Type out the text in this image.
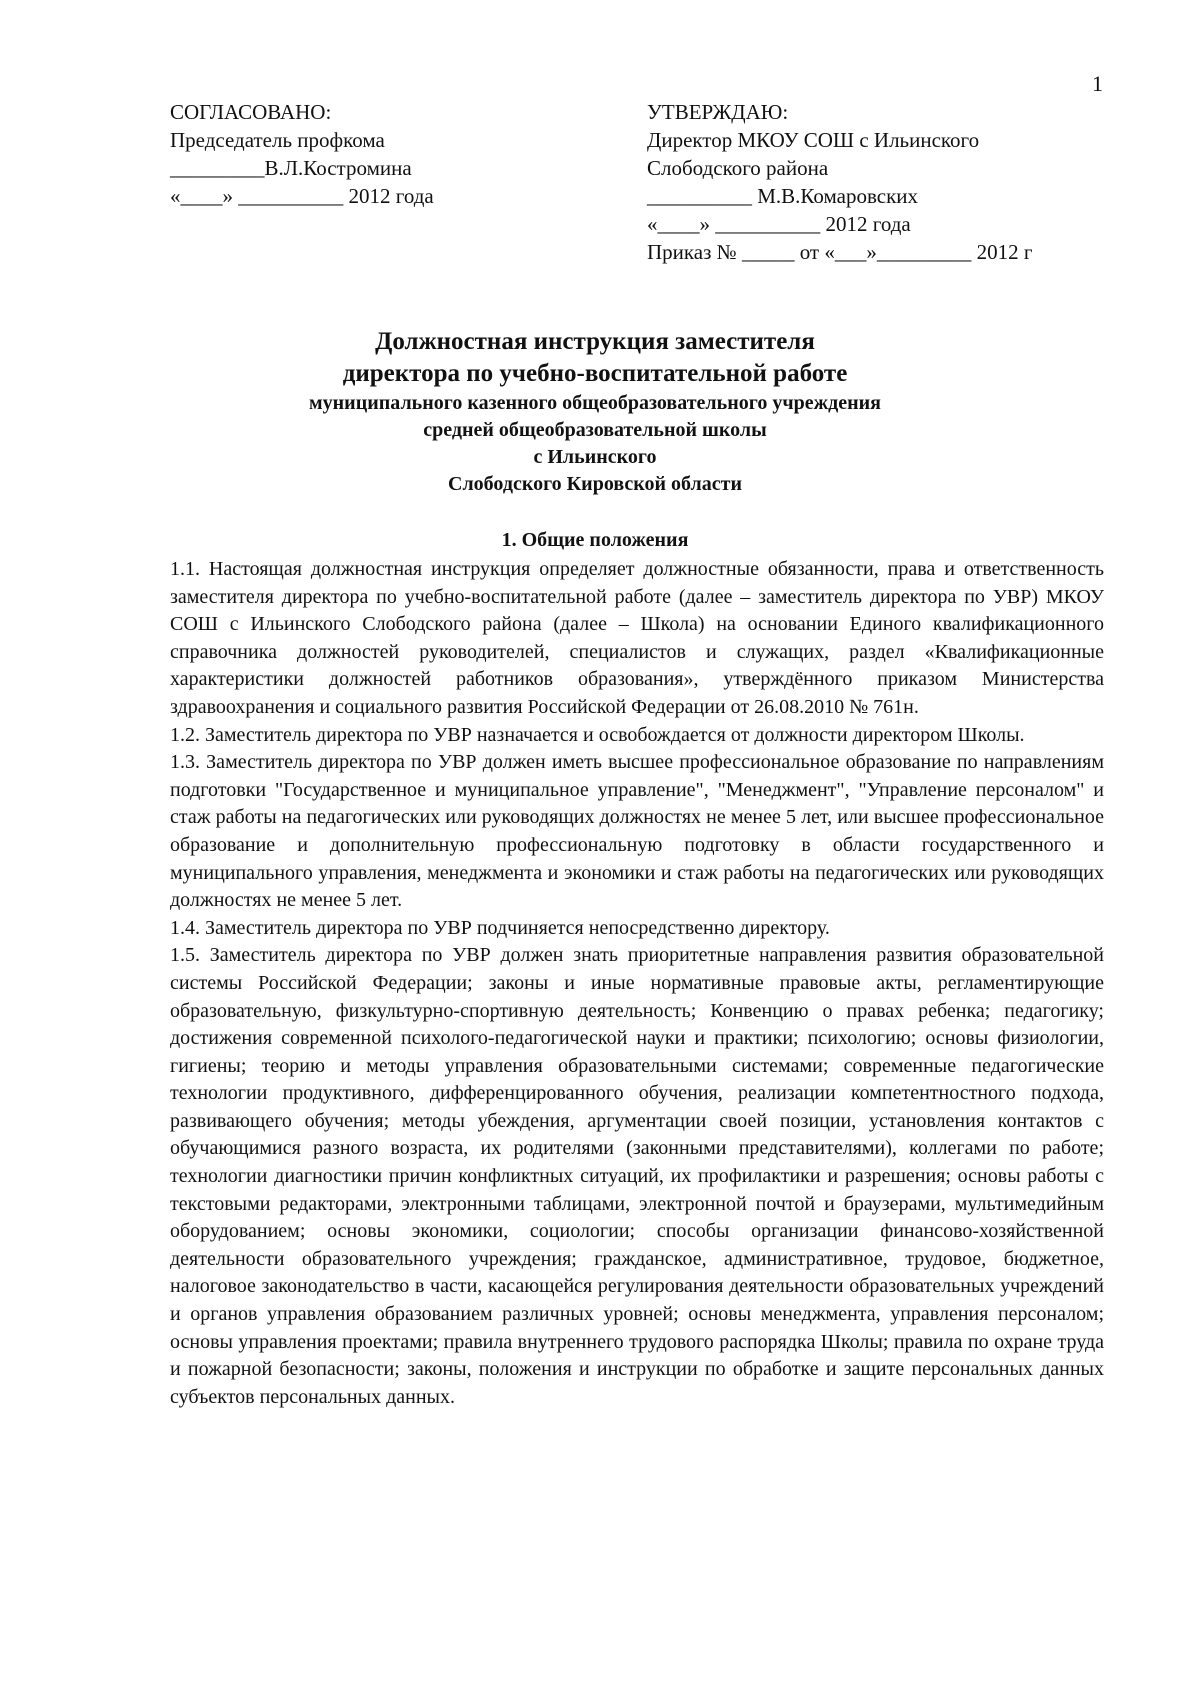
1
СОГЛАСОВАНО:
Председатель профкома
_________В.Л.Костромина
«____» __________ 2012 года
УТВЕРЖДАЮ:
Директор МКОУ СОШ с Ильинского
Слободского района
__________ М.В.Комаровских
«____» __________ 2012 года
Приказ № _____ от «___»_________ 2012 г
Должностная инструкция заместителя
директора по учебно-воспитательной работе
муниципального казенного общеобразовательного учреждения
средней общеобразовательной школы
с Ильинского
Слободского Кировской области
1. Общие положения

1.1. Настоящая должностная инструкция определяет должностные обязанности, права и ответственность заместителя директора по учебно-воспитательной работе (далее – заместитель директора по УВР) МКОУ СОШ с Ильинского Слободского района (далее – Школа) на основании Единого квалификационного справочника должностей руководителей, специалистов и служащих, раздел «Квалификационные характеристики должностей работников образования», утверждённого приказом Министерства здравоохранения и социального развития Российской Федерации от 26.08.2010 № 761н.

1.2. Заместитель директора по УВР назначается и освобождается от должности директором Школы.

1.3. Заместитель директора по УВР должен иметь высшее профессиональное образование по направлениям подготовки "Государственное и муниципальное управление", "Менеджмент", "Управление персоналом" и стаж работы на педагогических или руководящих должностях не менее 5 лет, или высшее профессиональное образование и дополнительную профессиональную подготовку в области государственного и муниципального управления, менеджмента и экономики и стаж работы на педагогических или руководящих должностях не менее 5 лет.

1.4. Заместитель директора по УВР подчиняется непосредственно директору.

1.5. Заместитель директора по УВР должен знать приоритетные направления развития образовательной системы Российской Федерации; законы и иные нормативные правовые акты, регламентирующие образовательную, физкультурно-спортивную деятельность; Конвенцию о правах ребенка; педагогику; достижения современной психолого-педагогической науки и практики; психологию; основы физиологии, гигиены; теорию и методы управления образовательными системами; современные педагогические технологии продуктивного, дифференцированного обучения, реализации компетентностного подхода, развивающего обучения; методы убеждения, аргументации своей позиции, установления контактов с обучающимися разного возраста, их родителями (законными представителями), коллегами по работе; технологии диагностики причин конфликтных ситуаций, их профилактики и разрешения; основы работы с текстовыми редакторами, электронными таблицами, электронной почтой и браузерами, мультимедийным оборудованием; основы экономики, социологии; способы организации финансово-хозяйственной деятельности образовательного учреждения; гражданское, административное, трудовое, бюджетное, налоговое законодательство в части, касающейся регулирования деятельности образовательных учреждений и органов управления образованием различных уровней; основы менеджмента, управления персоналом; основы управления проектами; правила внутреннего трудового распорядка Школы; правила по охране труда и пожарной безопасности; законы, положения и инструкции по обработке и защите персональных данных субъектов персональных данных.
